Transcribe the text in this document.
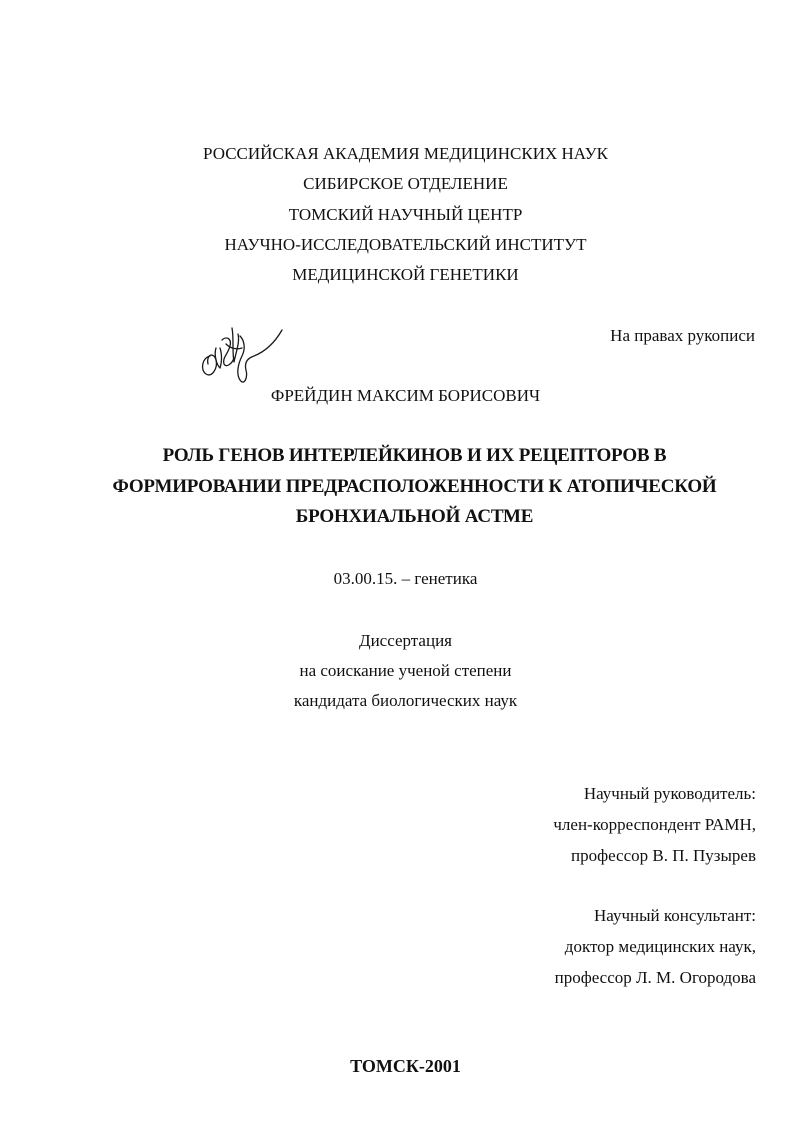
РОССИЙСКАЯ АКАДЕМИЯ МЕДИЦИНСКИХ НАУК
СИБИРСКОЕ ОТДЕЛЕНИЕ
ТОМСКИЙ НАУЧНЫЙ ЦЕНТР
НАУЧНО-ИССЛЕДОВАТЕЛЬСКИЙ ИНСТИТУТ
МЕДИЦИНСКОЙ ГЕНЕТИКИ
На правах рукописи
ФРЕЙДИН МАКСИМ БОРИСОВИЧ
РОЛЬ ГЕНОВ ИНТЕРЛЕЙКИНОВ И ИХ РЕЦЕПТОРОВ В
ФОРМИРОВАНИИ ПРЕДРАСПОЛОЖЕННОСТИ К АТОПИЧЕСКОЙ
БРОНХИАЛЬНОЙ АСТМЕ
03.00.15. – генетика
Диссертация
на соискание ученой степени
кандидата биологических наук
Научный руководитель:
член-корреспондент РАМН,
профессор В. П. Пузырев
Научный консультант:
доктор медицинских наук,
профессор Л. М. Огородова
ТОМСК-2001
